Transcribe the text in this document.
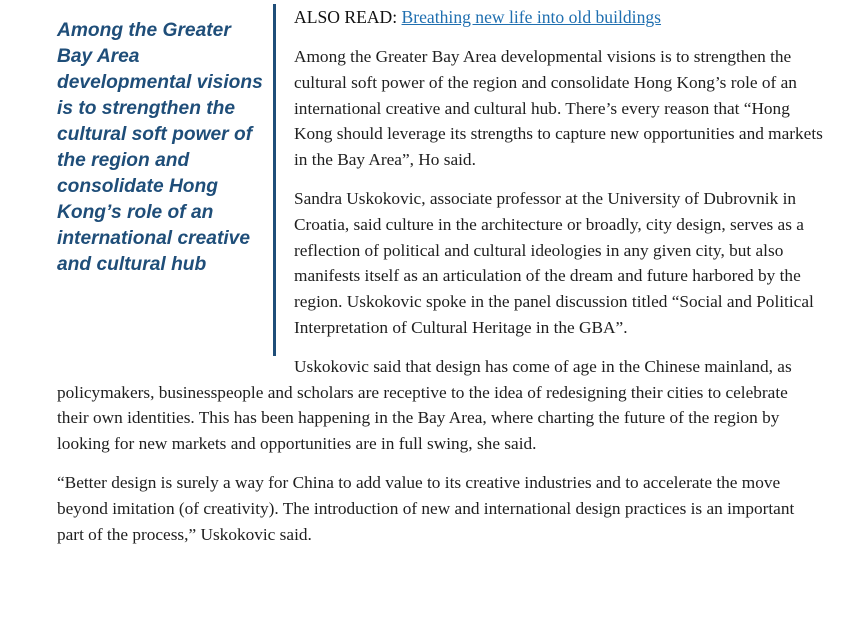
Among the Greater Bay Area developmental visions is to strengthen the cultural soft power of the region and consolidate Hong Kong’s role of an international creative and cultural hub
ALSO READ: Breathing new life into old buildings

Among the Greater Bay Area developmental visions is to strengthen the cultural soft power of the region and consolidate Hong Kong’s role of an international creative and cultural hub. There’s every reason that “Hong Kong should leverage its strengths to capture new opportunities and markets in the Bay Area”, Ho said.

Sandra Uskokovic, associate professor at the University of Dubrovnik in Croatia, said culture in the architecture or broadly, city design, serves as a reflection of political and cultural ideologies in any given city, but also manifests itself as an articulation of the dream and future harbored by the region. Uskokovic spoke in the panel discussion titled “Social and Political Interpretation of Cultural Heritage in the GBA”.

Uskokovic said that design has come of age in the Chinese mainland, as policymakers, businesspeople and scholars are receptive to the idea of redesigning their cities to celebrate their own identities. This has been happening in the Bay Area, where charting the future of the region by looking for new markets and opportunities are in full swing, she said.

“Better design is surely a way for China to add value to its creative industries and to accelerate the move beyond imitation (of creativity). The introduction of new and international design practices is an important part of the process,” Uskokovic said.
